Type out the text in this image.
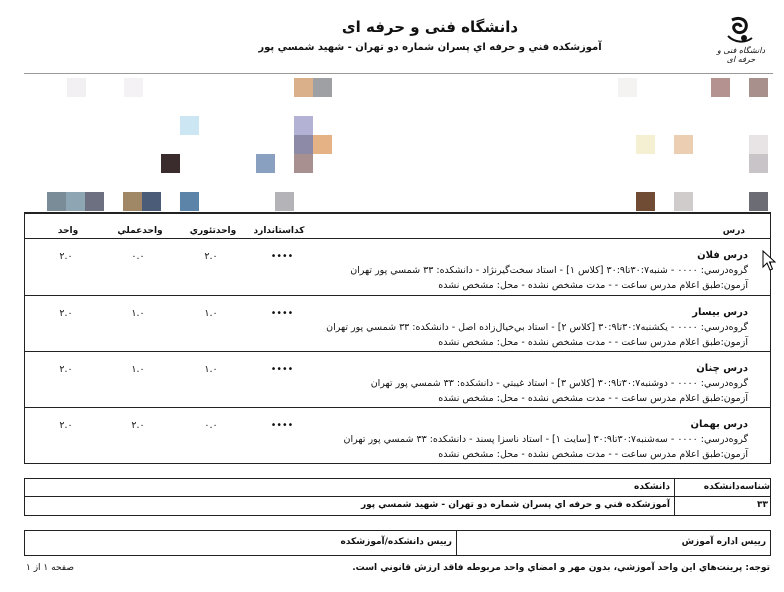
دانشگاه فنی و حرفه ای
آموزشکده فني و حرفه اي پسران شماره دو تهران - شهيد شمسي پور	دانشگاه فنی و حرفه ای
درس
كداستاندارد
واحدتئوري
واحدعملي
واحد
درس فلان
••••
٢.٠
٠.٠
٢.٠
گروه‌درسي: ٠٠٠٠ - شنبه٣٠:٧تا٣٠:٩ [كلاس ١] - استاد سخت‌گيرنژاد - دانشكده: ٣٣ شمسي پور تهران
آزمون:طبق اعلام مدرس ساعت - - مدت مشخص نشده - محل: مشخص نشده
درس بيسار
••••
١.٠
١.٠
٢.٠
گروه‌درسي: ٠٠٠٠ - يكشنبه٣٠:٧تا٣٠:٩ [كلاس ٢] - استاد بي‌خيال‌زاده اصل - دانشكده: ٣٣ شمسي پور تهران
آزمون:طبق اعلام مدرس ساعت - - مدت مشخص نشده - محل: مشخص نشده
درس چنان
••••
١.٠
١.٠
٢.٠
گروه‌درسي: ٠٠٠٠ - دوشنبه٣٠:٧تا٣٠:٩ [كلاس ٣] - استاد غيبتي - دانشكده: ٣٣ شمسي پور تهران
آزمون:طبق اعلام مدرس ساعت - - مدت مشخص نشده - محل: مشخص نشده
درس بهمان
••••
٠.٠
٢.٠
٢.٠
گروه‌درسي: ٠٠٠٠ - سه‌شنبه٣٠:٧تا٣٠:٩ [سايت ١] - استاد ناسزا پسند - دانشكده: ٣٣ شمسي پور تهران
آزمون:طبق اعلام مدرس ساعت - - مدت مشخص نشده - محل: مشخص نشده
شناسه‌دانشكده
دانشكده
٣٣
آموزشكده فني و حرفه اي پسران شماره دو تهران - شهيد شمسي پور
رييس اداره آموزش
رييس دانشكده/آموزشكده
توجه: پرينت‌هاي اين واحد آموزشي، بدون مهر و امضاي واحد مربوطه فاقد ارزش قانوني است.
صفحه ١ از ١
